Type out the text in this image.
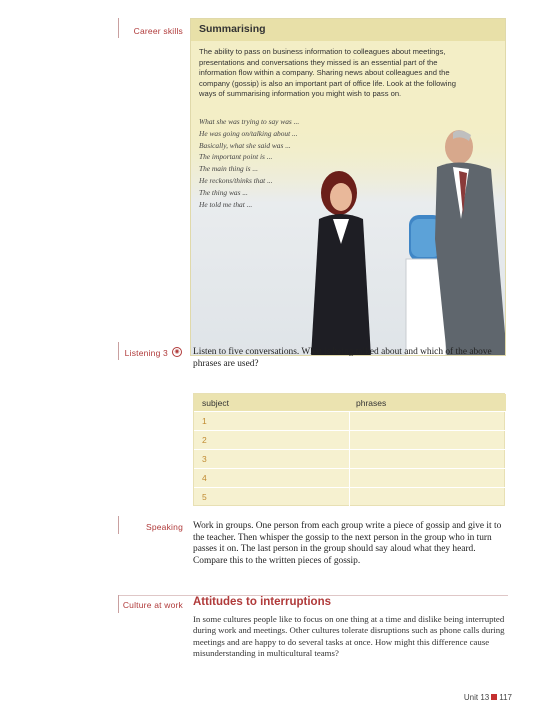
Career skills	Summarising

The ability to pass on business information to colleagues about meetings, presentations and conversations they missed is an essential part of the information flow within a company. Sharing news about colleagues and the company (gossip) is also an important part of office life. Look at the following ways of summarising information you might wish to pass on.

What she was trying to say was ...
He was going on/talking about ...
Basically, what she said was ...
The important point is ...
The main thing is ...
He reckons/thinks that ...
The thing was ...
He told me that ...
Listening 3	◉ Listen to five conversations. What is being talked about and which of the above phrases are used?

subject	phrases
1
2
3
4
5
Speaking Work in groups. One person from each group write a piece of gossip and give it to the teacher. Then whisper the gossip to the next person in the group who in turn passes it on. The last person in the group should say aloud what they heard. Compare this to the written pieces of gossip.

Culture at work Attitudes to interruptions

In some cultures people like to focus on one thing at a time and dislike being interrupted during work and meetings. Other cultures tolerate disruptions such as phone calls during meetings and are happy to do several tasks at once. How might this difference cause misunderstanding in multicultural teams?

Unit 13 117
